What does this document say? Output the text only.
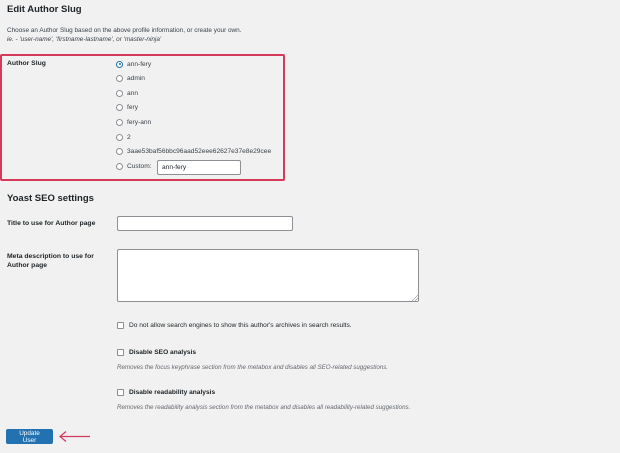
Edit Author Slug
Choose an Author Slug based on the above profile information, or create your own.
ie. - 'user-name', 'firstname-lastname', or 'master-ninja'
Author Slug	ann-fery
admin
ann
fery
fery-ann
2
3aae53baf56bbc96aad52eee62627e37e8e29cee
Custom:
ann-fery
Yoast SEO settings
Title to use for Author page
Meta description to use for
Author page
Do not allow search engines to show this author's archives in search results.
Disable SEO analysis
Removes the focus keyphrase section from the metabox and disables all SEO-related suggestions.
Disable readability analysis
Removes the readability analysis section from the metabox and disables all readability-related suggestions.
Update User
